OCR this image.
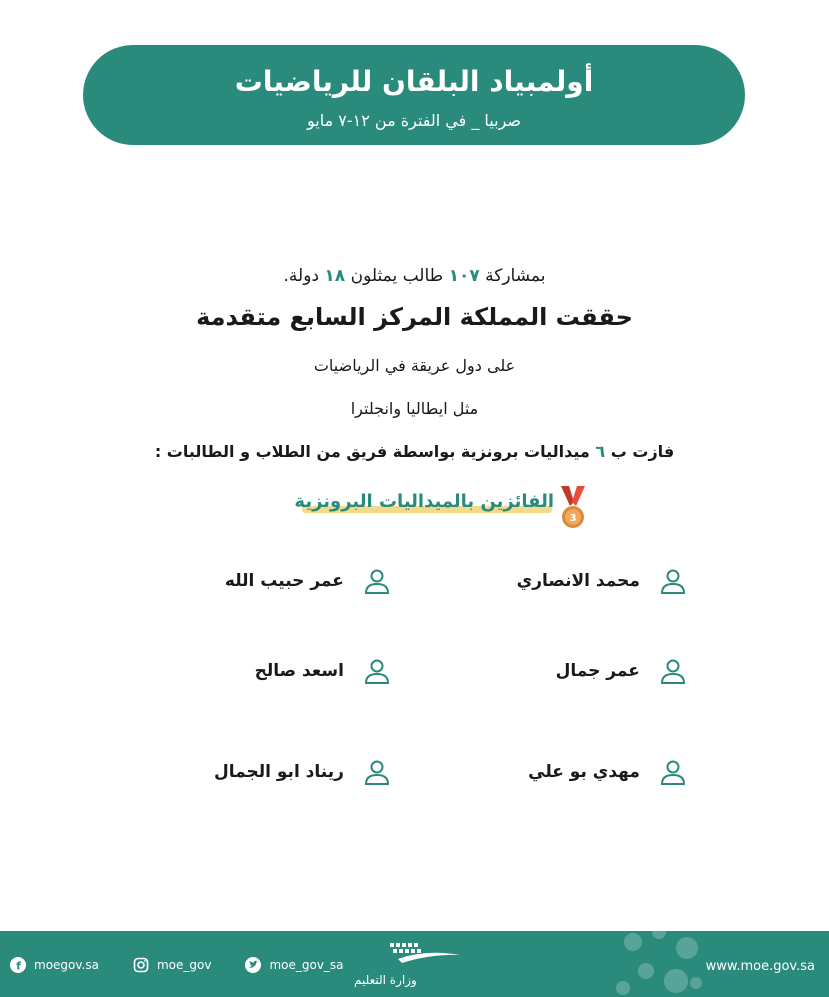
أولمبياد البلقان للرياضيات
صربيا _ في الفترة من ١٢-٧ مايو
بمشاركة ١٠٧ طالب يمثلون ١٨ دولة.
حققت المملكة المركز السابع متقدمة
على دول عريقة في الرياضيات
مثل ايطاليا وانجلترا
فازت ب ٦ ميداليات برونزية بواسطة فريق من الطلاب و الطالبات :
الفائزين بالميداليات البرونزية
3
محمد الانصاري
عمر حبيب الله
عمر جمال
اسعد صالح
مهدي بو علي
ريناد ابو الجمال
f moegov.sa	moe_gov	moe_gov_sa
وزارة التعليم
www.moe.gov.sa
